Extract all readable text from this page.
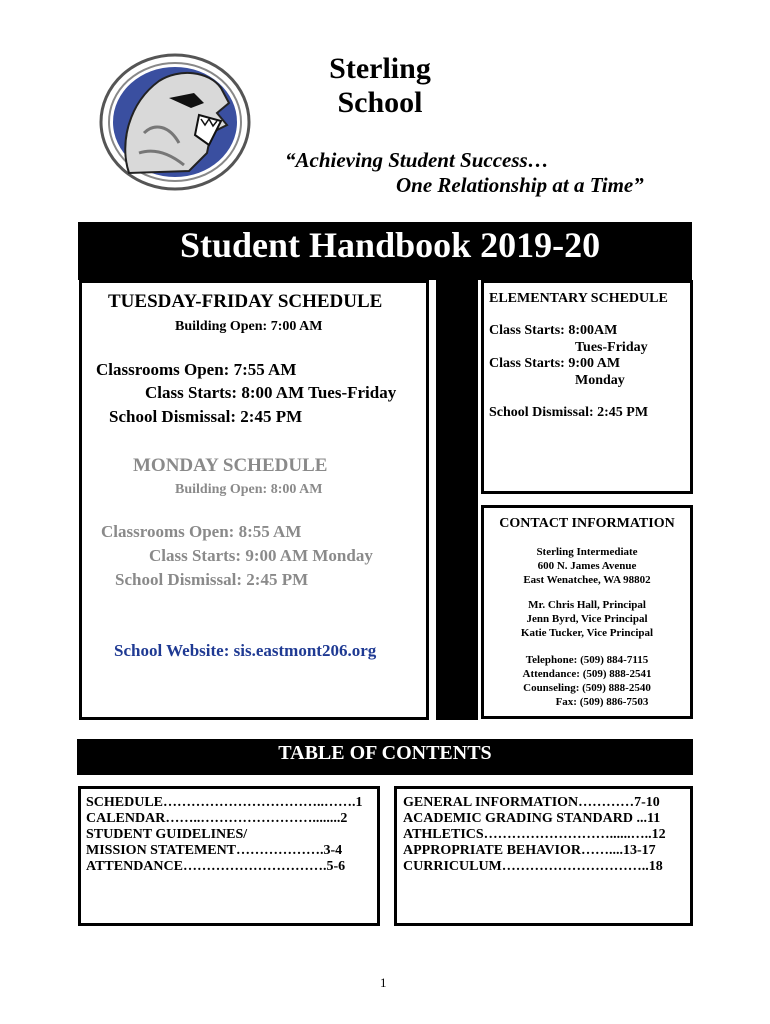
Sterling
School
“Achieving Student Success…
One Relationship at a Time”
Student Handbook 2019-20
TUESDAY-FRIDAY SCHEDULE
Building Open: 7:00 AM
Classrooms Open: 7:55 AM
Class Starts: 8:00 AM Tues-Friday
School Dismissal: 2:45 PM
MONDAY SCHEDULE
Building Open: 8:00 AM
Classrooms Open: 8:55 AM
Class Starts: 9:00 AM Monday
School Dismissal: 2:45 PM
School Website: sis.eastmont206.org
ELEMENTARY SCHEDULE
Class Starts: 8:00AM
Tues-Friday
Class Starts: 9:00 AM
Monday
School Dismissal: 2:45 PM
CONTACT INFORMATION
Sterling Intermediate
600 N. James Avenue
East Wenatchee, WA 98802
Mr. Chris Hall, Principal
Jenn Byrd, Vice Principal
Katie Tucker, Vice Principal
Telephone: (509) 884-7115
Attendance: (509) 888-2541
Counseling: (509) 888-2540
Fax: (509) 886-7503
TABLE OF CONTENTS
SCHEDULE……………………………..…….1
CALENDAR……..……………………........2
STUDENT GUIDELINES/
MISSION STATEMENT……………….3-4
ATTENDANCE………………………….5-6
GENERAL INFORMATION…………7-10
ACADEMIC GRADING STANDARD ...11
ATHLETICS………………………......…..12
APPROPRIATE BEHAVIOR……....13-17
CURRICULUM…………………………..18
1
